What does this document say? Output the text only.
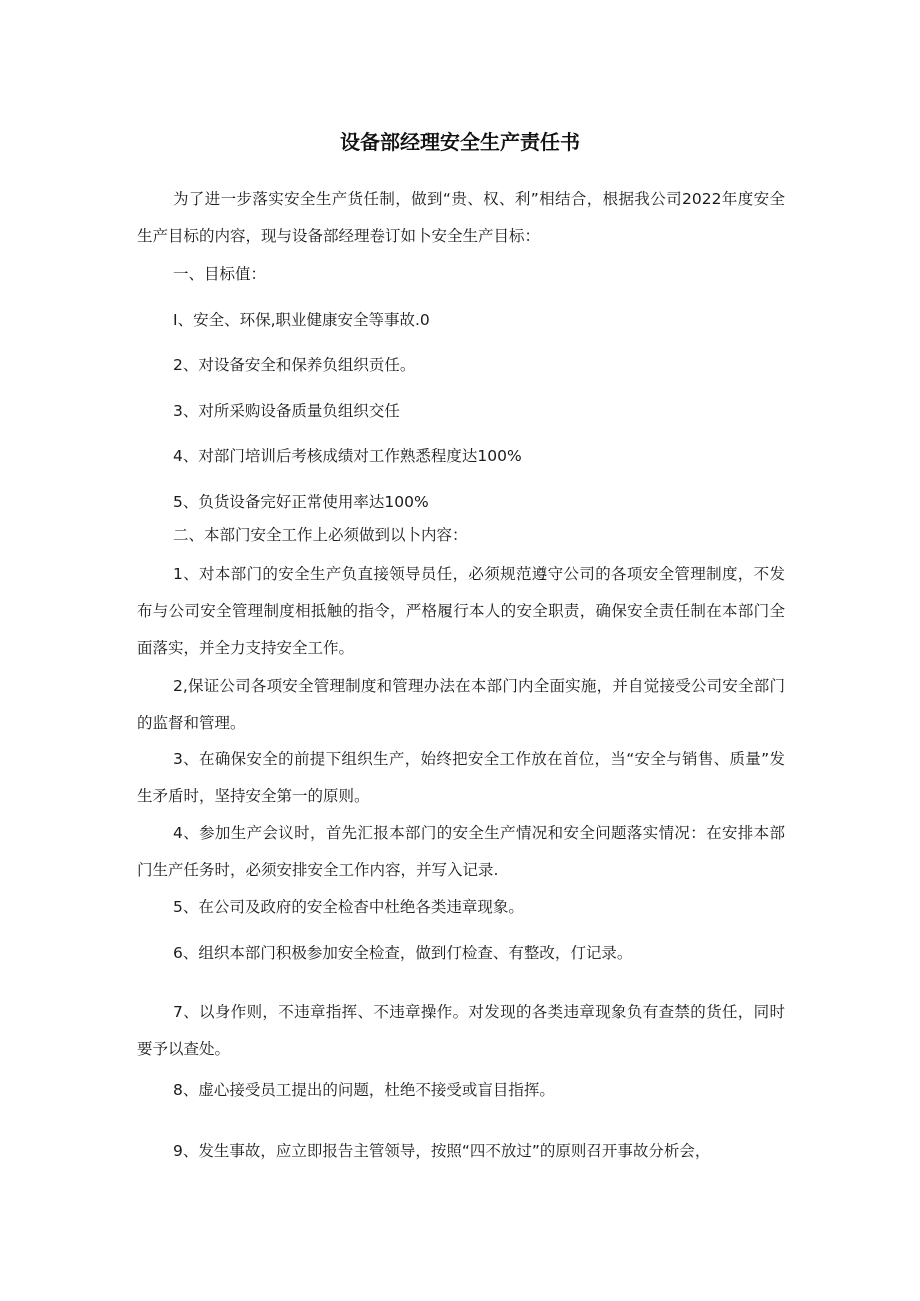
设备部经理安全生产责任书

为了进一步落实安全生产货任制，做到“贵、权、利”相结合，根据我公司2022年度安全生产目标的内容，现与设备部经理卷订如卜安全生产目标：

一、目标值：

I、安全、环保,职业健康安全等事故.0

2、对设备安全和保养负组织贡任。

3、对所采购设备质量负组织交任

4、对部门培训后考核成绩对工作熟悉程度达100%

5、负货设备完好正常使用率达100%

二、本部门安全工作上必须做到以卜内容：

1、对本部门的安全生产负直接领导员任，必须规范遵守公司的各项安全管理制度，不发布与公司安全管理制度相抵触的指令，严格履行本人的安全职责，确保安全责任制在本部门全面落实，并全力支持安全工作。

2,保证公司各项安全管理制度和管理办法在本部门内全面实施，并自觉接受公司安全部门的监督和管理。

3、在确保安全的前提下组织生产，始终把安全工作放在首位，当“安全与销售、质量”发生矛盾时，坚持安全第一的原则。

4、参加生产会议时，首先汇报本部门的安全生产情况和安全问题落实情况：在安排本部门生产任务时，必须安排安全工作内容，并写入记录.

5、在公司及政府的安全检杳中杜绝各类违章现象。

6、组织本部门积极参加安全检查，做到仃检查、有整改，仃记录。

7、以身作则，不违章指挥、不违章操作。对发现的各类违章现象负有查禁的货任，同时要予以查处。

8、虚心接受员工提出的问题，杜绝不接受或盲目指挥。

9、发生事故，应立即报告主管领导，按照“四不放过”的原则召开事故分析会，
